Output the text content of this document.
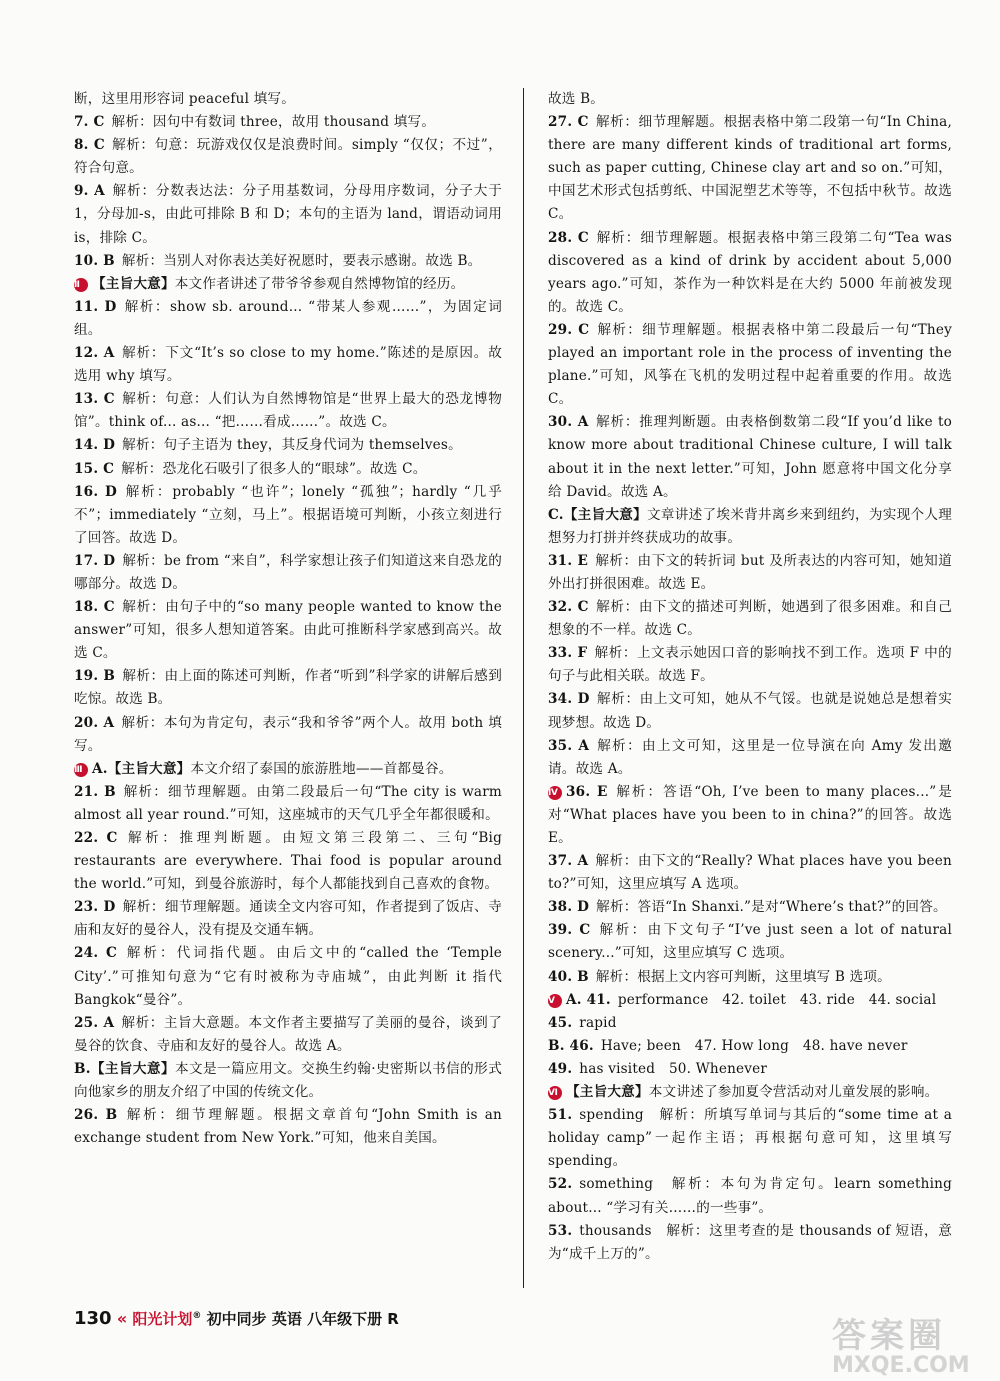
断，这里用形容词 peaceful 填写。
7. C  解析：因句中有数词 three，故用 thousand 填写。
8. C  解析：句意：玩游戏仅仅是浪费时间。simply “仅仅；不过”，符合句意。
9. A  解析：分数表达法：分子用基数词，分母用序数词，分子大于 1，分母加-s，由此可排除 B 和 D；本句的主语为 land，谓语动词用 is，排除 C。
10. B  解析：当别人对你表达美好祝愿时，要表示感谢。故选 B。
Ⅱ 【主旨大意】本文作者讲述了带爷爷参观自然博物馆的经历。
11. D  解析：show sb. around... “带某人参观……”，为固定词组。
12. A  解析：下文“It’s so close to my home.”陈述的是原因。故选用 why 填写。
13. C  解析：句意：人们认为自然博物馆是“世界上最大的恐龙博物馆”。think of... as... “把……看成……”。故选 C。
14. D  解析：句子主语为 they，其反身代词为 themselves。
15. C  解析：恐龙化石吸引了很多人的“眼球”。故选 C。
16. D  解析：probably “也许”；lonely “孤独”；hardly “几乎不”；immediately “立刻，马上”。根据语境可判断，小孩立刻进行了回答。故选 D。
17. D  解析：be from “来自”，科学家想让孩子们知道这来自恐龙的哪部分。故选 D。
18. C  解析：由句子中的“so many people wanted to know the answer”可知，很多人想知道答案。由此可推断科学家感到高兴。故选 C。
19. B  解析：由上面的陈述可判断，作者“听到”科学家的讲解后感到吃惊。故选 B。
20. A  解析：本句为肯定句，表示“我和爷爷”两个人。故用 both 填写。
Ⅲ A.【主旨大意】本文介绍了泰国的旅游胜地——首都曼谷。
21. B  解析：细节理解题。由第二段最后一句“The city is warm almost all year round.”可知，这座城市的天气几乎全年都很暖和。
22. C  解析：推理判断题。由短文第三段第二、三句“Big restaurants are everywhere. Thai food is popular around the world.”可知，到曼谷旅游时，每个人都能找到自己喜欢的食物。
23. D  解析：细节理解题。通读全文内容可知，作者提到了饭店、寺庙和友好的曼谷人，没有提及交通车辆。
24. C  解析：代词指代题。由后文中的“called the ‘Temple City’.”可推知句意为“它有时被称为寺庙城”，由此判断 it 指代 Bangkok“曼谷”。
25. A  解析：主旨大意题。本文作者主要描写了美丽的曼谷，谈到了曼谷的饮食、寺庙和友好的曼谷人。故选 A。
B.【主旨大意】本文是一篇应用文。交换生约翰·史密斯以书信的形式向他家乡的朋友介绍了中国的传统文化。
26. B  解析：细节理解题。根据文章首句“John Smith is an exchange student from New York.”可知，他来自美国。
故选 B。
27. C  解析：细节理解题。根据表格中第二段第一句“In China, there are many different kinds of traditional art forms, such as paper cutting, Chinese clay art and so on.”可知，中国艺术形式包括剪纸、中国泥塑艺术等等，不包括中秋节。故选 C。
28. C  解析：细节理解题。根据表格中第三段第二句“Tea was discovered as a kind of drink by accident about 5,000 years ago.”可知，茶作为一种饮料是在大约 5000 年前被发现的。故选 C。
29. C  解析：细节理解题。根据表格中第二段最后一句“They played an important role in the process of inventing the plane.”可知，风筝在飞机的发明过程中起着重要的作用。故选 C。
30. A  解析：推理判断题。由表格倒数第二段“If you’d like to know more about traditional Chinese culture, I will talk about it in the next letter.”可知，John 愿意将中国文化分享给 David。故选 A。
C.【主旨大意】文章讲述了埃米背井离乡来到纽约，为实现个人理想努力打拼并终获成功的故事。
31. E  解析：由下文的转折词 but 及所表达的内容可知，她知道外出打拼很困难。故选 E。
32. C  解析：由下文的描述可判断，她遇到了很多困难。和自己想象的不一样。故选 C。
33. F  解析：上文表示她因口音的影响找不到工作。选项 F 中的句子与此相关联。故选 F。
34. D  解析：由上文可知，她从不气馁。也就是说她总是想着实现梦想。故选 D。
35. A  解析：由上文可知，这里是一位导演在向 Amy 发出邀请。故选 A。
Ⅳ 36. E  解析：答语“Oh, I’ve been to many places...”是对“What places have you been to in china?”的回答。故选 E。
37. A  解析：由下文的“Really? What places have you been to?”可知，这里应填写 A 选项。
38. D  解析：答语“In Shanxi.”是对“Where’s that?”的回答。
39. C  解析：由下文句子“I’ve just seen a lot of natural scenery...”可知，这里应填写 C 选项。
40. B  解析：根据上文内容可判断，这里填写 B 选项。
Ⅴ A. 41.  performance　42. toilet　43. ride　44. social
45.  rapid
B. 46.  Have; been　47. How long　48. have never
49.  has visited　50. Whenever
Ⅵ 【主旨大意】本文讲述了参加夏令营活动对儿童发展的影响。
51.  spending　解析：所填写单词与其后的“some time at a holiday camp”一起作主语；再根据句意可知，这里填写 spending。
52.  something　解析：本句为肯定句。learn something about... “学习有关……的一些事”。
53.  thousands　解析：这里考查的是 thousands of 短语，意为“成千上万的”。
130 « 阳光计划® 初中同步 英语 八年级下册 R	答案圈
MXQE.COM
